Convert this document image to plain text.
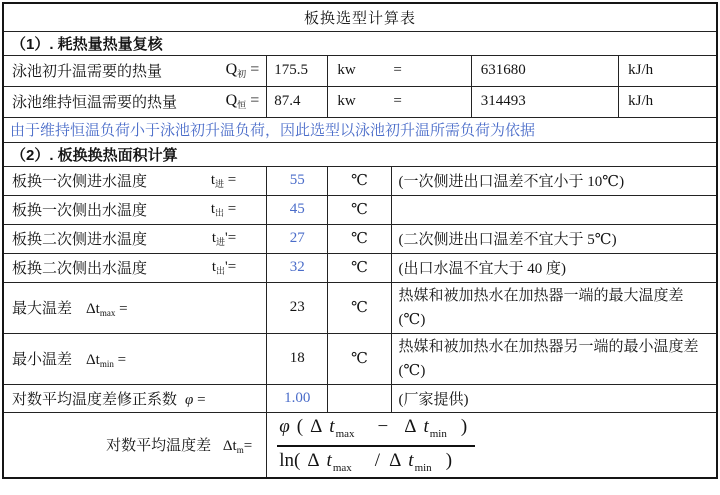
板换选型计算表					
（1）. 耗热量热量复核					

泳池初升温需要的热量 $Q_初$ =	175.5	kw =		631680	kJ/h

泳池维持恒温需要的热量 $Q_恒$ =	87.4	kw =		314493	kJ/h
由于维持恒温负荷小于泳池初升温负荷，因此选型以泳池初升温所需负荷为依据					
（2）. 板换换热面积计算					

板换一次侧进水温度 $t_进$ =	55	℃	(一次侧进出口温差不宜小于 10℃)		

板换一次侧出水温度 $t_出$ =	45	℃			

板换二次侧进水温度 $t_进'=$	27	℃	(二次侧进出口温差不宜大于 5℃)		

板换二次侧出水温度 $t_出'=$	32	℃	(出口水温不宜大于 40 度)		
最大温差 $\Delta t_{max}$ =	23	℃	热媒和被加热水在加热器一端的最大温度差(℃)		
最小温差 $\Delta t_{min}$ =	18	℃	热媒和被加热水在加热器另一端的最小温度差(℃)		
对数平均温度差修正系数 φ =	1.00		(厂家提供)		
对数平均温度差 $\Delta t_m=$	$\frac{\varphi ( \Delta t_{max} - \Delta t_{min} )}{\ln( \Delta t_{max} / \Delta t_{min} )}$
